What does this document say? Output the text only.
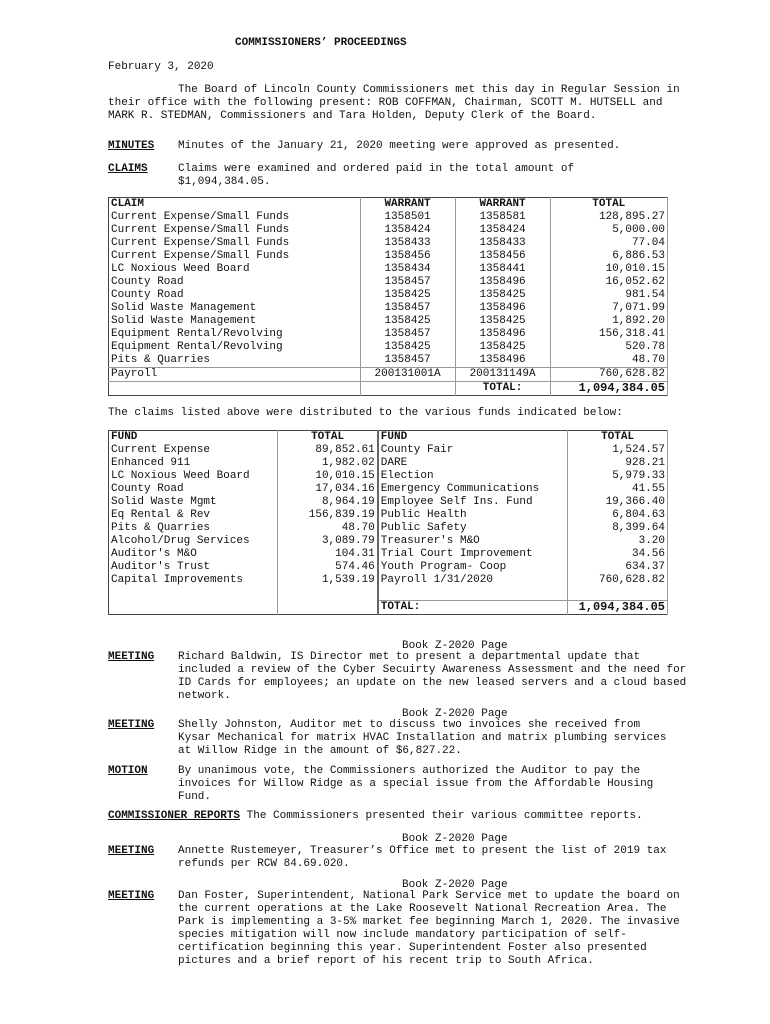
COMMISSIONERS’ PROCEEDINGS
February 3, 2020
The Board of Lincoln County Commissioners met this day in Regular Session in their office with the following present: ROB COFFMAN, Chairman, SCOTT M. HUTSELL and MARK R. STEDMAN, Commissioners and Tara Holden, Deputy Clerk of the Board.
MINUTES Minutes of the January 21, 2020 meeting were approved as presented.
CLAIMS	Claims were examined and ordered paid in the total amount of $1,094,384.05.
CLAIM	WARRANT	WARRANT	TOTAL
Current Expense/Small Funds	1358501	1358581	128,895.27
Current Expense/Small Funds	1358424	1358424	5,000.00
Current Expense/Small Funds	1358433	1358433	77.04
Current Expense/Small Funds	1358456	1358456	6,886.53
LC Noxious Weed Board	1358434	1358441	10,010.15
County Road	1358457	1358496	16,052.62
County Road	1358425	1358425	981.54
Solid Waste Management	1358457	1358496	7,071.99
Solid Waste Management	1358425	1358425	1,892.20
Equipment Rental/Revolving	1358457	1358496	156,318.41
Equipment Rental/Revolving	1358425	1358425	520.78
Pits & Quarries	1358457	1358496	48.70
Payroll	200131001A	200131149A	760,628.82
		TOTAL:	1,094,384.05
The claims listed above were distributed to the various funds indicated below:
FUND	TOTAL	FUND	TOTAL
Current Expense	89,852.61	County Fair	1,524.57
Enhanced 911	1,982.02	DARE	928.21
LC Noxious Weed Board	10,010.15	Election	5,979.33
County Road	17,034.16	Emergency Communications	41.55
Solid Waste Mgmt	8,964.19	Employee Self Ins. Fund	19,366.40
Eq Rental & Rev	156,839.19	Public Health	6,804.63
Pits & Quarries	48.70	Public Safety	8,399.64
Alcohol/Drug Services	3,089.79	Treasurer's M&O	3.20
Auditor's M&O	104.31	Trial Court Improvement	34.56
Auditor's Trust	574.46	Youth Program- Coop	634.37
Capital Improvements	1,539.19	Payroll 1/31/2020	760,628.82

		TOTAL:	1,094,384.05
Book Z-2020 Page
MEETING Richard Baldwin, IS Director met to present a departmental update that included a review of the Cyber Secuirty Awareness Assessment and the need for ID Cards for employees; an update on the new leased servers and a cloud based network.
Book Z-2020 Page
MEETING Shelly Johnston, Auditor met to discuss two invoices she received from Kysar Mechanical for matrix HVAC Installation and matrix plumbing services at Willow Ridge in the amount of $6,827.22.
MOTION	By unanimous vote, the Commissioners authorized the Auditor to pay the invoices for Willow Ridge as a special issue from the Affordable Housing Fund.
COMMISSIONER REPORTS The Commissioners presented their various committee reports.
Book Z-2020 Page
MEETING Annette Rustemeyer, Treasurer’s Office met to present the list of 2019 tax refunds per RCW 84.69.020.
Book Z-2020 Page
MEETING Dan Foster, Superintendent, National Park Service met to update the board on the current operations at the Lake Roosevelt National Recreation Area. The Park is implementing a 3-5% market fee beginning March 1, 2020. The invasive species mitigation will now include mandatory participation of self-certification beginning this year. Superintendent Foster also presented pictures and a brief report of his recent trip to South Africa.
